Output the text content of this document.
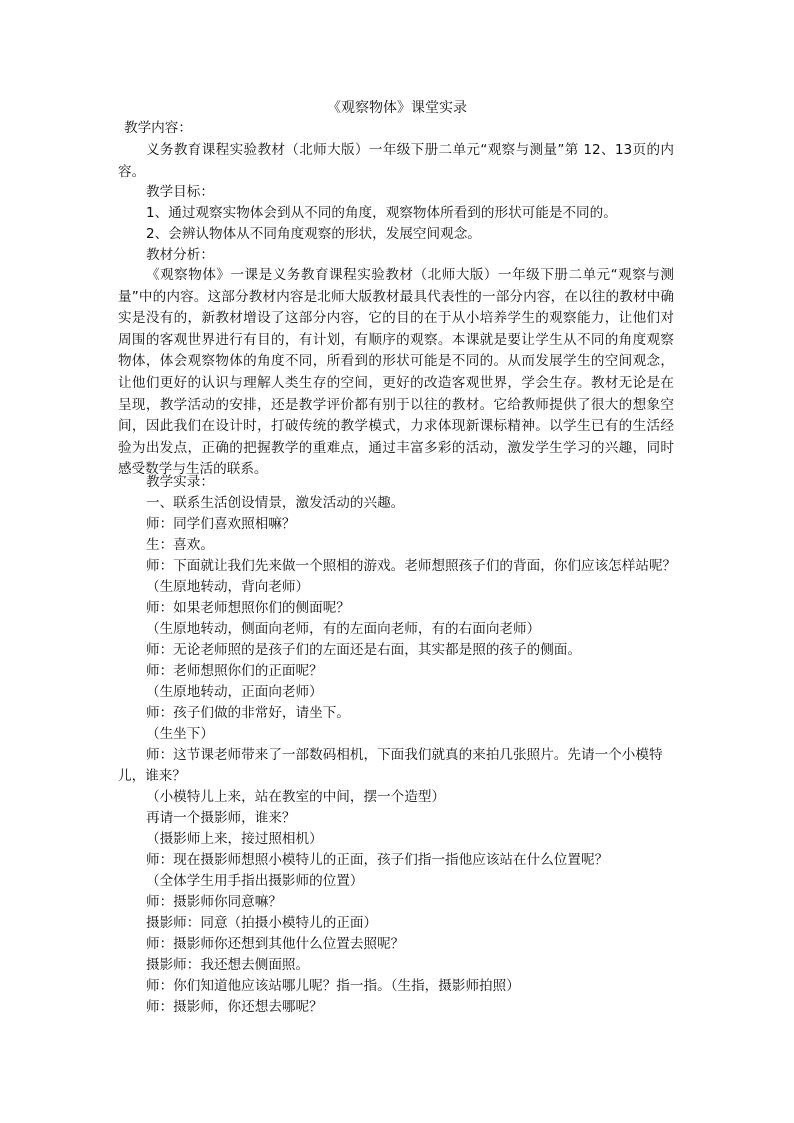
《观察物体》课堂实录
教学内容：
义务教育课程实验教材（北师大版）一年级下册二单元“观察与测量”第 12、13页的内容。
教学目标：
1、通过观察实物体会到从不同的角度，观察物体所看到的形状可能是不同的。
2、会辨认物体从不同角度观察的形状，发展空间观念。
教材分析：
《观察物体》一课是义务教育课程实验教材（北师大版）一年级下册二单元“观察与测量”中的内容。这部分教材内容是北师大版教材最具代表性的一部分内容，在以往的教材中确实是没有的，新教材增设了这部分内容，它的目的在于从小培养学生的观察能力，让他们对周围的客观世界进行有目的，有计划，有顺序的观察。本课就是要让学生从不同的角度观察物体，体会观察物体的角度不同，所看到的形状可能是不同的。从而发展学生的空间观念，让他们更好的认识与理解人类生存的空间，更好的改造客观世界，学会生存。教材无论是在呈现，教学活动的安排，还是教学评价都有别于以往的教材。它给教师提供了很大的想象空间，因此我们在设计时，打破传统的教学模式，力求体现新课标精神。以学生已有的生活经验为出发点，正确的把握教学的重难点，通过丰富多彩的活动，激发学生学习的兴趣，同时感受数学与生活的联系。
教学实录：
一、联系生活创设情景，激发活动的兴趣。
师：同学们喜欢照相嘛？
生：喜欢。
师：下面就让我们先来做一个照相的游戏。老师想照孩子们的背面，你们应该怎样站呢？
（生原地转动，背向老师）
师：如果老师想照你们的侧面呢？
（生原地转动，侧面向老师，有的左面向老师，有的右面向老师）
师：无论老师照的是孩子们的左面还是右面，其实都是照的孩子的侧面。
师：老师想照你们的正面呢？
（生原地转动，正面向老师）
师：孩子们做的非常好，请坐下。
（生坐下）
师：这节课老师带来了一部数码相机，下面我们就真的来拍几张照片。先请一个小模特
儿，谁来？
（小模特儿上来，站在教室的中间，摆一个造型）
再请一个摄影师，谁来？
（摄影师上来，接过照相机）
师：现在摄影师想照小模特儿的正面，孩子们指一指他应该站在什么位置呢？
（全体学生用手指出摄影师的位置）
师：摄影师你同意嘛？
摄影师：同意（拍摄小模特儿的正面）
师：摄影师你还想到其他什么位置去照呢？
摄影师：我还想去侧面照。
师：你们知道他应该站哪儿呢？指一指。（生指，摄影师拍照）
师：摄影师，你还想去哪呢？
